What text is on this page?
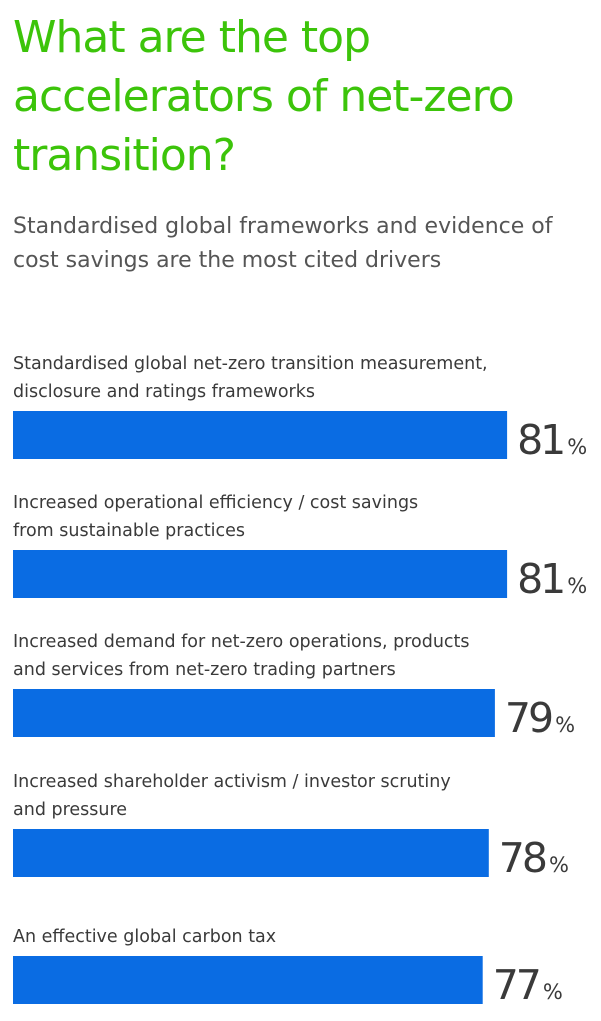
What are the top accelerators of net-zero transition?

Standardised global frameworks and evidence of cost savings are the most cited drivers

Standardised global net-zero transition measurement, disclosure and ratings frameworks
81 %
Increased operational efficiency / cost savings from sustainable practices
81 %
Increased demand for net-zero operations, products and services from net-zero trading partners
79 %
Increased shareholder activism / investor scrutiny and pressure
78 %
An effective global carbon tax
77 %
